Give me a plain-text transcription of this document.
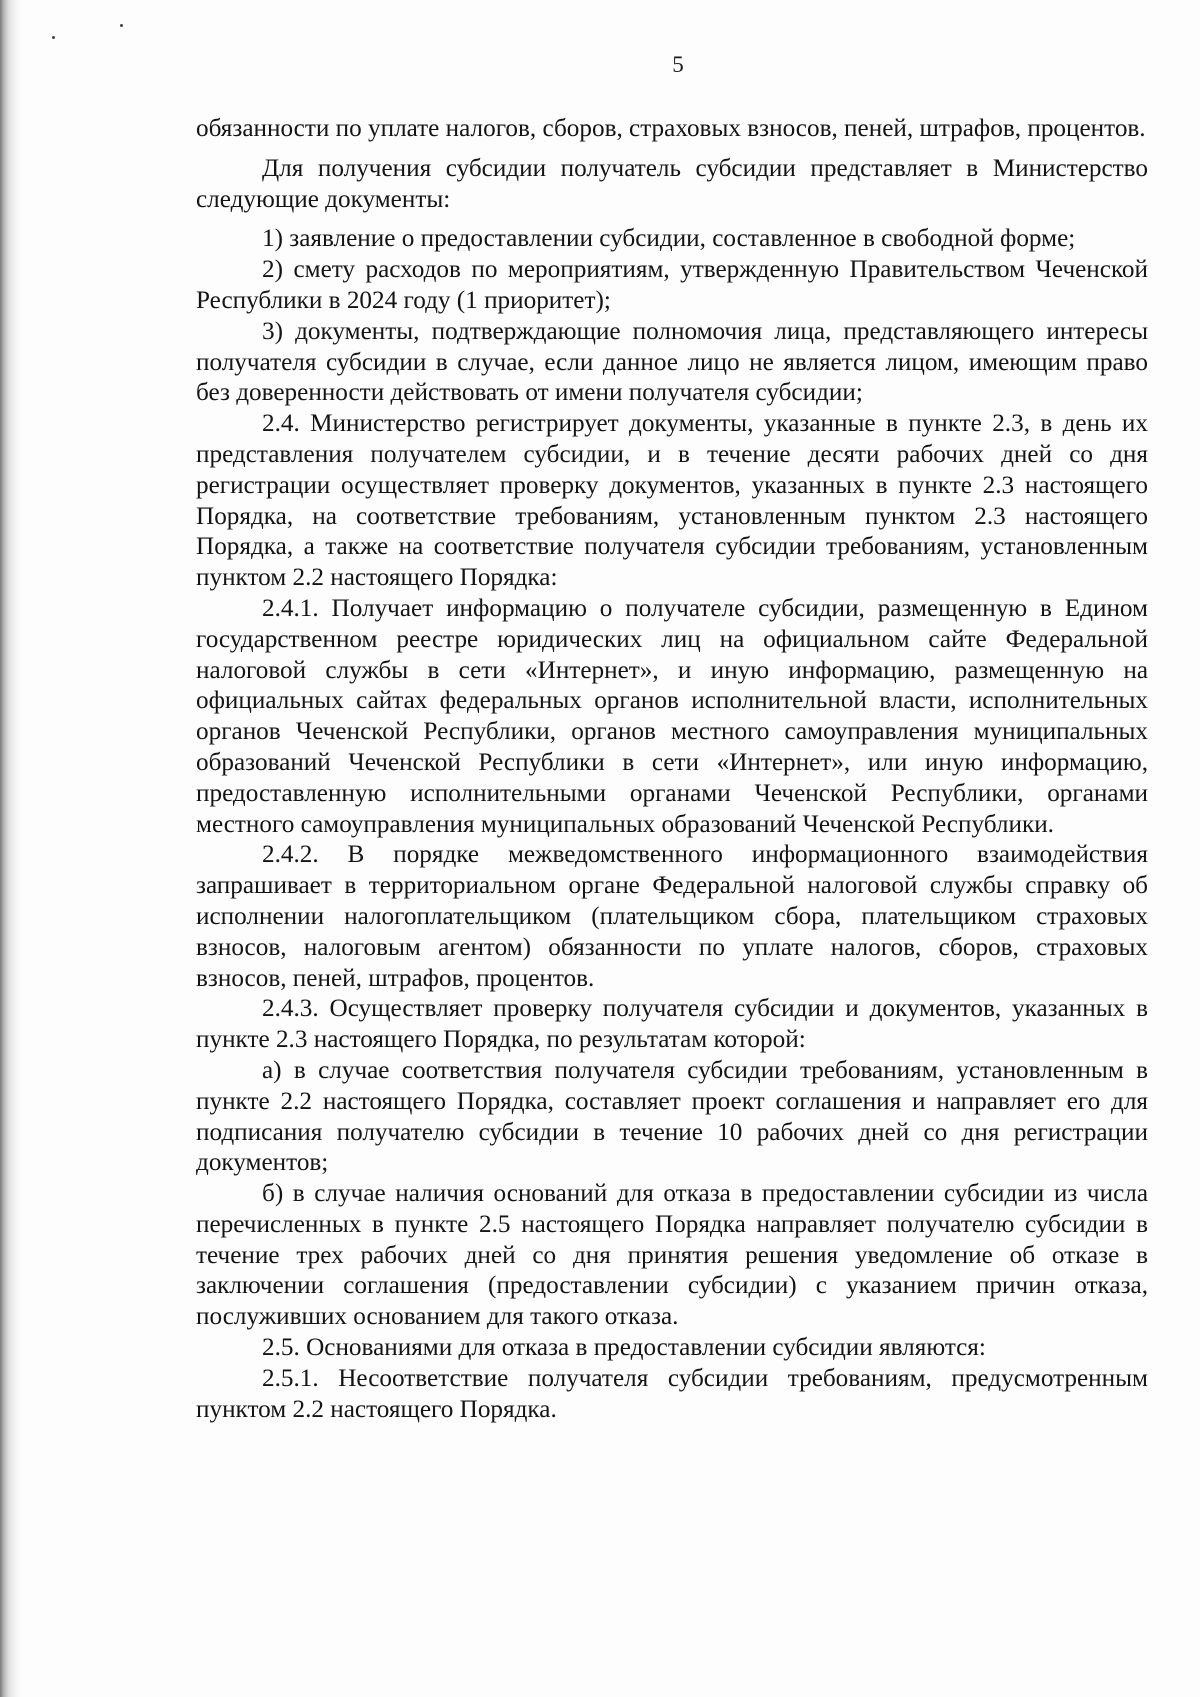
5

обязанности по уплате налогов, сборов, страховых взносов, пеней, штрафов, процентов.

Для получения субсидии получатель субсидии представляет в Министерство следующие документы:

1) заявление о предоставлении субсидии, составленное в свободной форме;

2) смету расходов по мероприятиям, утвержденную Правительством Чеченской Республики в 2024 году (1 приоритет);

3) документы, подтверждающие полномочия лица, представляющего интересы получателя субсидии в случае, если данное лицо не является лицом, имеющим право без доверенности действовать от имени получателя субсидии;

2.4. Министерство регистрирует документы, указанные в пункте 2.3, в день их представления получателем субсидии, и в течение десяти рабочих дней со дня регистрации осуществляет проверку документов, указанных в пункте 2.3 настоящего Порядка, на соответствие требованиям, установленным пунктом 2.3 настоящего Порядка, а также на соответствие получателя субсидии требованиям, установленным пунктом 2.2 настоящего Порядка:

2.4.1. Получает информацию о получателе субсидии, размещенную в Едином государственном реестре юридических лиц на официальном сайте Федеральной налоговой службы в сети «Интернет», и иную информацию, размещенную на официальных сайтах федеральных органов исполнительной власти, исполнительных органов Чеченской Республики, органов местного самоуправления муниципальных образований Чеченской Республики в сети «Интернет», или иную информацию, предоставленную исполнительными органами Чеченской Республики, органами местного самоуправления муниципальных образований Чеченской Республики.

2.4.2. В порядке межведомственного информационного взаимодействия запрашивает в территориальном органе Федеральной налоговой службы справку об исполнении налогоплательщиком (плательщиком сбора, плательщиком страховых взносов, налоговым агентом) обязанности по уплате налогов, сборов, страховых взносов, пеней, штрафов, процентов.

2.4.3. Осуществляет проверку получателя субсидии и документов, указанных в пункте 2.3 настоящего Порядка, по результатам которой:

а) в случае соответствия получателя субсидии требованиям, установленным в пункте 2.2 настоящего Порядка, составляет проект соглашения и направляет его для подписания получателю субсидии в течение 10 рабочих дней со дня регистрации документов;

б) в случае наличия оснований для отказа в предоставлении субсидии из числа перечисленных в пункте 2.5 настоящего Порядка направляет получателю субсидии в течение трех рабочих дней со дня принятия решения уведомление об отказе в заключении соглашения (предоставлении субсидии) с указанием причин отказа, послуживших основанием для такого отказа.

2.5. Основаниями для отказа в предоставлении субсидии являются:

2.5.1. Несоответствие получателя субсидии требованиям, предусмотренным пунктом 2.2 настоящего Порядка.
